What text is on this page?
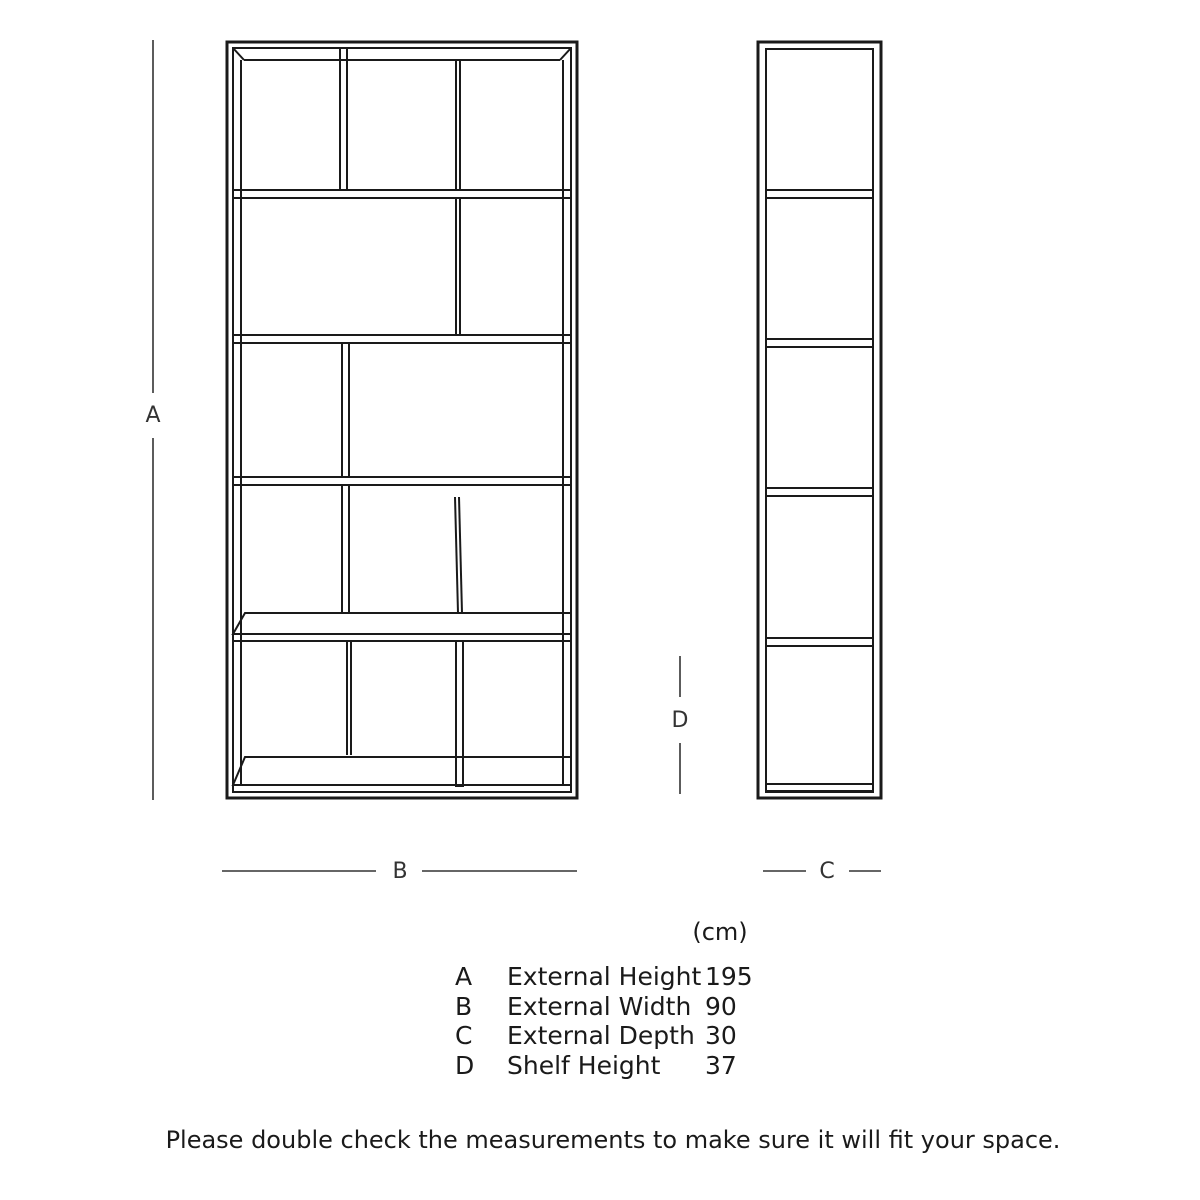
A
B	C
D
(cm)
A	External Height	195
B	External Width	90
C	External Depth	30
D	Shelf Height	37
Please double check the measurements to make sure it will fit your space.
